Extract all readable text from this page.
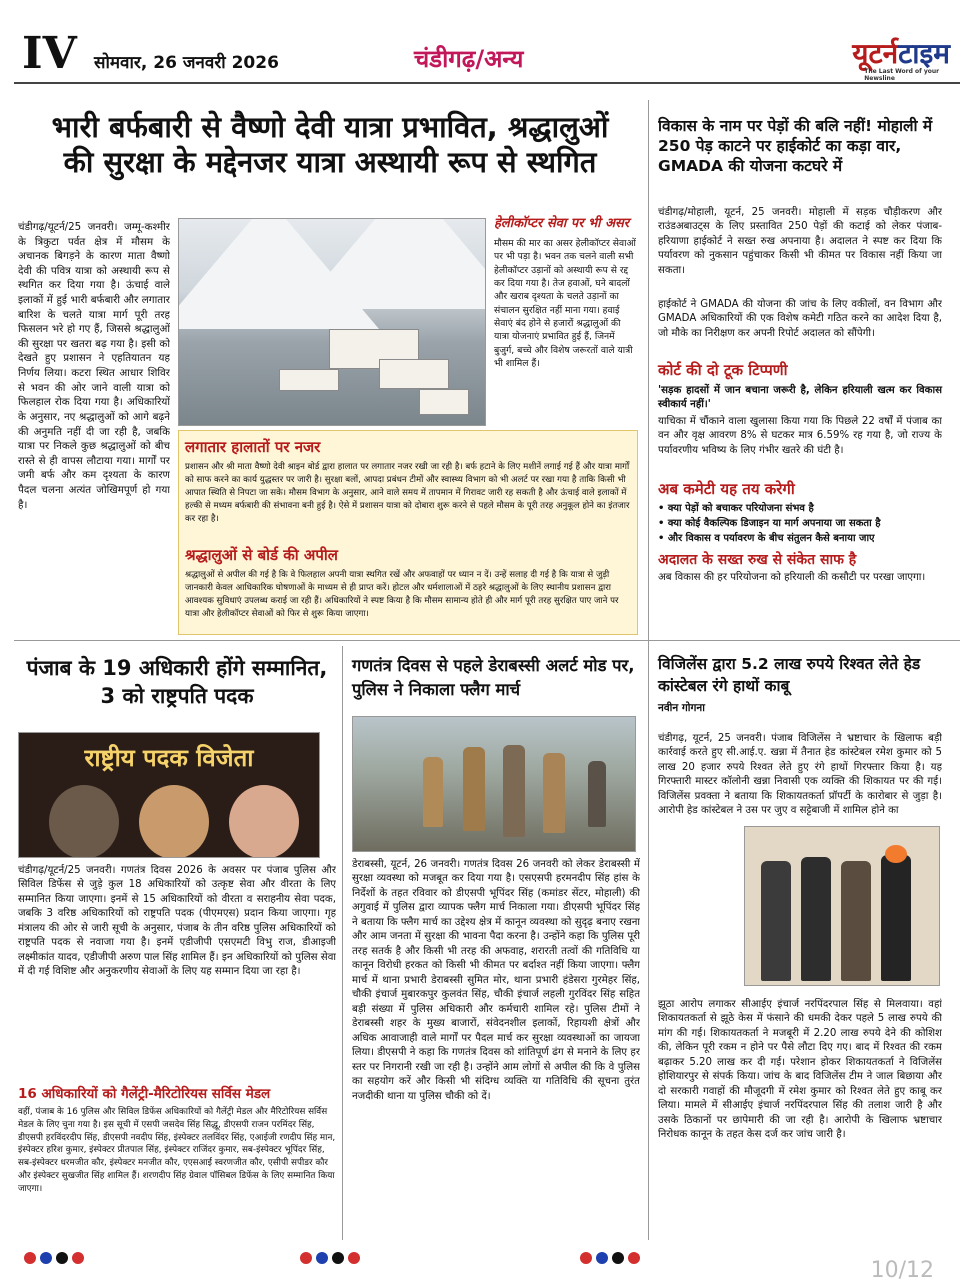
IV सोमवार, 26 जनवरी 2026	चंडीगढ़/अन्य	यूटर्नटाइम
The Last Word of your Newsline
भारी बर्फबारी से वैष्णो देवी यात्रा प्रभावित, श्रद्धालुओं
की सुरक्षा के मद्देनजर यात्रा अस्थायी रूप से स्थगित
चंडीगढ़/यूटर्न/25 जनवरी। जम्मू-कश्मीर के त्रिकुटा पर्वत क्षेत्र में मौसम के अचानक बिगड़ने के कारण माता वैष्णो देवी की पवित्र यात्रा को अस्थायी रूप से स्थगित कर दिया गया है। ऊंचाई वाले इलाकों में हुई भारी बर्फबारी और लगातार बारिश के चलते यात्रा मार्ग पूरी तरह फिसलन भरे हो गए हैं, जिससे श्रद्धालुओं की सुरक्षा पर खतरा बढ़ गया है। इसी को देखते हुए प्रशासन ने एहतियातन यह निर्णय लिया। कटरा स्थित आधार शिविर से भवन की ओर जाने वाली यात्रा को फिलहाल रोक दिया गया है। अधिकारियों के अनुसार, नए श्रद्धालुओं को आगे बढ़ने की अनुमति नहीं दी जा रही है, जबकि यात्रा पर निकले कुछ श्रद्धालुओं को बीच रास्ते से ही वापस लौटाया गया। मार्गों पर जमी बर्फ और कम दृश्यता के कारण पैदल चलना अत्यंत जोखिमपूर्ण हो गया है।
हेलीकॉप्टर सेवा पर भी असर
मौसम की मार का असर हेलीकॉप्टर सेवाओं पर भी पड़ा है। भवन तक चलने वाली सभी हेलीकॉप्टर उड़ानों को अस्थायी रूप से रद्द कर दिया गया है। तेज हवाओं, घने बादलों और खराब दृश्यता के चलते उड़ानों का संचालन सुरक्षित नहीं माना गया। हवाई सेवाएं बंद होने से हजारों श्रद्धालुओं की यात्रा योजनाएं प्रभावित हुई हैं, जिनमें बुजुर्ग, बच्चे और विशेष जरूरतों वाले यात्री भी शामिल हैं।
लगातार हालातों पर नजर
प्रशासन और श्री माता वैष्णो देवी श्राइन बोर्ड द्वारा हालात पर लगातार नजर रखी जा रही है। बर्फ हटाने के लिए मशीनें लगाई गई हैं और यात्रा मार्गों को साफ करने का कार्य युद्धस्तर पर जारी है। सुरक्षा बलों, आपदा प्रबंधन टीमों और स्वास्थ्य विभाग को भी अलर्ट पर रखा गया है ताकि किसी भी आपात स्थिति से निपटा जा सके। मौसम विभाग के अनुसार, आने वाले समय में तापमान में गिरावट जारी रह सकती है और ऊंचाई वाले इलाकों में हल्की से मध्यम बर्फबारी की संभावना बनी हुई है। ऐसे में प्रशासन यात्रा को दोबारा शुरू करने से पहले मौसम के पूरी तरह अनुकूल होने का इंतजार कर रहा है।
श्रद्धालुओं से बोर्ड की अपील
श्रद्धालुओं से अपील की गई है कि वे फिलहाल अपनी यात्रा स्थगित रखें और अफवाहों पर ध्यान न दें। उन्हें सलाह दी गई है कि यात्रा से जुड़ी जानकारी केवल आधिकारिक घोषणाओं के माध्यम से ही प्राप्त करें। होटल और धर्मशालाओं में ठहरे श्रद्धालुओं के लिए स्थानीय प्रशासन द्वारा आवश्यक सुविधाएं उपलब्ध कराई जा रही हैं। अधिकारियों ने स्पष्ट किया है कि मौसम सामान्य होते ही और मार्ग पूरी तरह सुरक्षित पाए जाने पर यात्रा और हेलीकॉप्टर सेवाओं को फिर से शुरू किया जाएगा।
विकास के नाम पर पेड़ों की बलि नहीं! मोहाली में 250 पेड़ काटने पर हाईकोर्ट का कड़ा वार, GMADA की योजना कटघरे में
चंडीगढ़/मोहाली, यूटर्न, 25 जनवरी। मोहाली में सड़क चौड़ीकरण और राउंडअबाउट्स के लिए प्रस्तावित 250 पेड़ों की कटाई को लेकर पंजाब-हरियाणा हाईकोर्ट ने सख्त रुख अपनाया है। अदालत ने स्पष्ट कर दिया कि पर्यावरण को नुकसान पहुंचाकर किसी भी कीमत पर विकास नहीं किया जा सकता।
हाईकोर्ट ने GMADA की योजना की जांच के लिए वकीलों, वन विभाग और GMADA अधिकारियों की एक विशेष कमेटी गठित करने का आदेश दिया है, जो मौके का निरीक्षण कर अपनी रिपोर्ट अदालत को सौंपेगी।
कोर्ट की दो टूक टिप्पणी
'सड़क हादसों में जान बचाना जरूरी है, लेकिन हरियाली खत्म कर विकास स्वीकार्य नहीं।'
याचिका में चौंकाने वाला खुलासा किया गया कि पिछले 22 वर्षों में पंजाब का वन और वृक्ष आवरण 8% से घटकर मात्र 6.59% रह गया है, जो राज्य के पर्यावरणीय भविष्य के लिए गंभीर खतरे की घंटी है।
अब कमेटी यह तय करेगी
• क्या पेड़ों को बचाकर परियोजना संभव है
• क्या कोई वैकल्पिक डिजाइन या मार्ग अपनाया जा सकता है
• और विकास व पर्यावरण के बीच संतुलन कैसे बनाया जाए
अदालत के सख्त रुख से संकेत साफ है
अब विकास की हर परियोजना को हरियाली की कसौटी पर परखा जाएगा।
पंजाब के 19 अधिकारी होंगे सम्मानित, 3 को राष्ट्रपति पदक
राष्ट्रीय पदक विजेता
चंडीगढ़/यूटर्न/25 जनवरी। गणतंत्र दिवस 2026 के अवसर पर पंजाब पुलिस और सिविल डिफेंस से जुड़े कुल 18 अधिकारियों को उत्कृष्ट सेवा और वीरता के लिए सम्मानित किया जाएगा। इनमें से 15 अधिकारियों को वीरता व सराहनीय सेवा पदक, जबकि 3 वरिष्ठ अधिकारियों को राष्ट्रपति पदक (पीएमएस) प्रदान किया जाएगा। गृह मंत्रालय की ओर से जारी सूची के अनुसार, पंजाब के तीन वरिष्ठ पुलिस अधिकारियों को राष्ट्रपति पदक से नवाजा गया है। इनमें एडीजीपी एसएमटी विभु राज, डीआइजी लक्ष्मीकांत यादव, एडीजीपी अरुण पाल सिंह शामिल हैं। इन अधिकारियों को पुलिस सेवा में दी गई विशिष्ट और अनुकरणीय सेवाओं के लिए यह सम्मान दिया जा रहा है।
16 अधिकारियों को गैलेंट्री-मैरिटोरियस सर्विस मेडल
वहीं, पंजाब के 16 पुलिस और सिविल डिफेंस अधिकारियों को गैलेंट्री मेडल और मैरिटोरियस सर्विस मेडल के लिए चुना गया है। इस सूची में एसपी जसदेव सिंह सिद्धू, डीएसपी राजन परमिंदर सिंह, डीएसपी हरविंदरदीप सिंह, डीएसपी नवदीप सिंह, इंस्पेक्टर तलविंदर सिंह, एआईजी रणदीप सिंह मान, इंस्पेक्टर हरिश कुमार, इंस्पेक्टर प्रीतपाल सिंह, इंस्पेक्टर राजिंदर कुमार, सब-इंस्पेक्टर भूपिंदर सिंह, सब-इंस्पेक्टर धरमजीत कौर, इंस्पेक्टर मनजीत कौर, एएसआई स्वरणजीत कौर, एसीपी सपीडर कौर और इंस्पेक्टर सुखजीत सिंह शामिल हैं। शरणदीप सिंह ग्रेवाल पॉसिबल डिफेंस के लिए सम्मानित किया जाएगा।
गणतंत्र दिवस से पहले डेराबस्सी अलर्ट मोड पर, पुलिस ने निकाला फ्लैग मार्च
डेराबस्सी, यूटर्न, 26 जनवरी। गणतंत्र दिवस 26 जनवरी को लेकर डेराबस्सी में सुरक्षा व्यवस्था को मजबूत कर दिया गया है। एसएसपी हरमनदीप सिंह हांस के निर्देशों के तहत रविवार को डीएसपी भूपिंदर सिंह (कमांडर सेंटर, मोहाली) की अगुवाई में पुलिस द्वारा व्यापक फ्लैग मार्च निकाला गया। डीएसपी भूपिंदर सिंह ने बताया कि फ्लैग मार्च का उद्देश्य क्षेत्र में कानून व्यवस्था को सुदृढ़ बनाए रखना और आम जनता में सुरक्षा की भावना पैदा करना है। उन्होंने कहा कि पुलिस पूरी तरह सतर्क है और किसी भी तरह की अफवाह, शरारती तत्वों की गतिविधि या कानून विरोधी हरकत को किसी भी कीमत पर बर्दाश्त नहीं किया जाएगा। फ्लैग मार्च में थाना प्रभारी डेराबस्सी सुमित मोर, थाना प्रभारी हंडेसरा गुरमेहर सिंह, चौकी इंचार्ज मुबारकपुर कुलवंत सिंह, चौकी इंचार्ज लहली गुरविंदर सिंह सहित बड़ी संख्या में पुलिस अधिकारी और कर्मचारी शामिल रहे। पुलिस टीमों ने डेराबस्सी शहर के मुख्य बाजारों, संवेदनशील इलाकों, रिहायशी क्षेत्रों और अधिक आवाजाही वाले मार्गों पर पैदल मार्च कर सुरक्षा व्यवस्थाओं का जायजा लिया। डीएसपी ने कहा कि गणतंत्र दिवस को शांतिपूर्ण ढंग से मनाने के लिए हर स्तर पर निगरानी रखी जा रही है। उन्होंने आम लोगों से अपील की कि वे पुलिस का सहयोग करें और किसी भी संदिग्ध व्यक्ति या गतिविधि की सूचना तुरंत नजदीकी थाना या पुलिस चौकी को दें।
विजिलेंस द्वारा 5.2 लाख रुपये रिश्वत लेते हेड कांस्टेबल रंगे हाथों काबू
नवीन गोगना
चंडीगढ़, यूटर्न, 25 जनवरी। पंजाब विजिलेंस ने भ्रष्टाचार के खिलाफ बड़ी कार्रवाई करते हुए सी.आई.ए. खन्ना में तैनात हेड कांस्टेबल रमेश कुमार को 5 लाख 20 हजार रुपये रिश्वत लेते हुए रंगे हाथों गिरफ्तार किया है। यह गिरफ्तारी मास्टर कॉलोनी खन्ना निवासी एक व्यक्ति की शिकायत पर की गई। विजिलेंस प्रवक्ता ने बताया कि शिकायतकर्ता प्रॉपर्टी के कारोबार से जुड़ा है। आरोपी हेड कांस्टेबल ने उस पर जुए व सट्टेबाजी में शामिल होने का
झूठा आरोप लगाकर सीआईए इंचार्ज नरपिंदरपाल सिंह से मिलवाया। वहां शिकायतकर्ता से झूठे केस में फंसाने की धमकी देकर पहले 5 लाख रुपये की मांग की गई। शिकायतकर्ता ने मजबूरी में 2.20 लाख रुपये देने की कोशिश की, लेकिन पूरी रकम न होने पर पैसे लौटा दिए गए। बाद में रिश्वत की रकम बढ़ाकर 5.20 लाख कर दी गई। परेशान होकर शिकायतकर्ता ने विजिलेंस होशियारपुर से संपर्क किया। जांच के बाद विजिलेंस टीम ने जाल बिछाया और दो सरकारी गवाहों की मौजूदगी में रमेश कुमार को रिश्वत लेते हुए काबू कर लिया। मामले में सीआईए इंचार्ज नरपिंदरपाल सिंह की तलाश जारी है और उसके ठिकानों पर छापेमारी की जा रही है। आरोपी के खिलाफ भ्रष्टाचार निरोधक कानून के तहत केस दर्ज कर जांच जारी है।
10/12
